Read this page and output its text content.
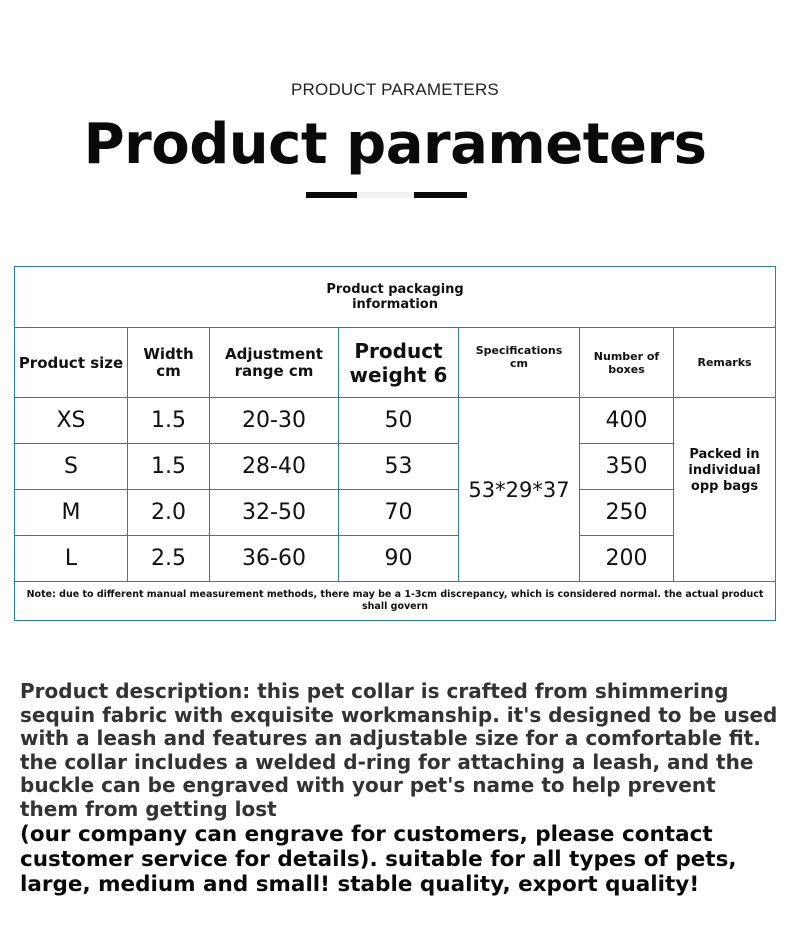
PRODUCT PARAMETERS
Product parameters
Product packaging information						
Product size	Width cm	Adjustment range cm	Product weight 6	Specifications cm	Number of boxes	Remarks
XS	1.5	20-30	50	53*29*37	400	Packed in individual opp bags

S	1.5	28-40	53		350	
M	2.0	32-50	70		250	
L	2.5	36-60	90		200	
Note: due to different manual measurement methods, there may be a 1-3cm discrepancy, which is considered normal. the actual product shall govern						
Product description: this pet collar is crafted from shimmering sequin fabric with exquisite workmanship. it's designed to be used with a leash and features an adjustable size for a comfortable fit. the collar includes a welded d-ring for attaching a leash, and the buckle can be engraved with your pet's name to help prevent them from getting lost
(our company can engrave for customers, please contact customer service for details). suitable for all types of pets, large, medium and small! stable quality, export quality!
